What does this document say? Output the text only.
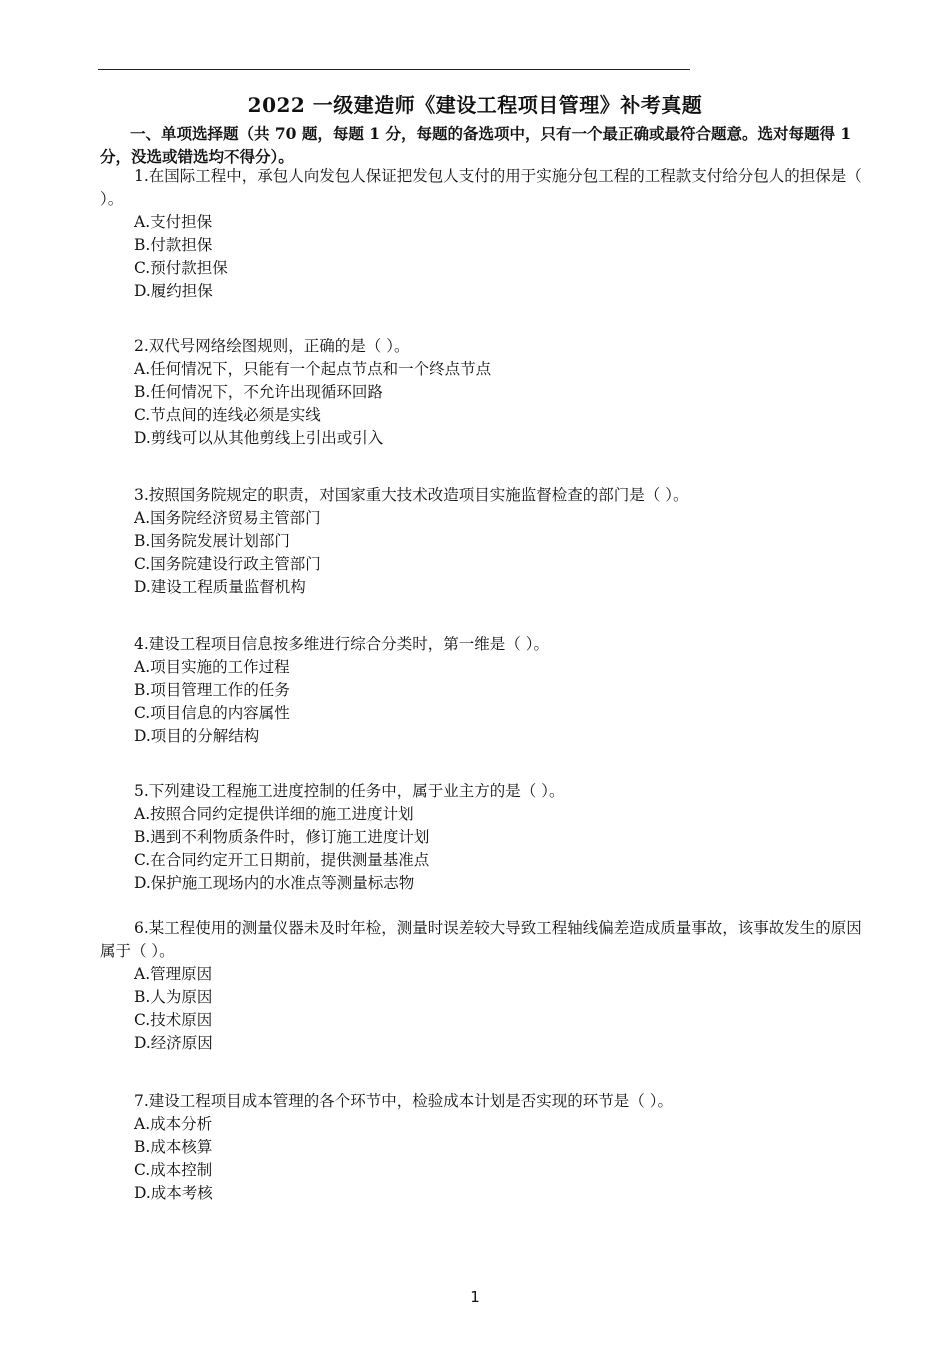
2022 一级建造师《建设工程项目管理》补考真题
一、单项选择题（共 70 题，每题 1 分，每题的备选项中，只有一个最正确或最符合题意。选对每题得 1 分，没选或错选均不得分）。
1.在国际工程中，承包人向发包人保证把发包人支付的用于实施分包工程的工程款支付给分包人的担保是（ ）。
A.支付担保
B.付款担保
C.预付款担保
D.履约担保
2.双代号网络绘图规则，正确的是（ ）。
A.任何情况下，只能有一个起点节点和一个终点节点
B.任何情况下，不允许出现循环回路
C.节点间的连线必须是实线
D.剪线可以从其他剪线上引出或引入
3.按照国务院规定的职责，对国家重大技术改造项目实施监督检查的部门是（ ）。
A.国务院经济贸易主管部门
B.国务院发展计划部门
C.国务院建设行政主管部门
D.建设工程质量监督机构
4.建设工程项目信息按多维进行综合分类时，第一维是（ ）。
A.项目实施的工作过程
B.项目管理工作的任务
C.项目信息的内容属性
D.项目的分解结构
5.下列建设工程施工进度控制的任务中，属于业主方的是（ ）。
A.按照合同约定提供详细的施工进度计划
B.遇到不利物质条件时，修订施工进度计划
C.在合同约定开工日期前，提供测量基准点
D.保护施工现场内的水准点等测量标志物
6.某工程使用的测量仪器未及时年检，测量时误差较大导致工程轴线偏差造成质量事故，该事故发生的原因属于（ ）。
A.管理原因
B.人为原因
C.技术原因
D.经济原因
7.建设工程项目成本管理的各个环节中，检验成本计划是否实现的环节是（ ）。
A.成本分析
B.成本核算
C.成本控制
D.成本考核
1
